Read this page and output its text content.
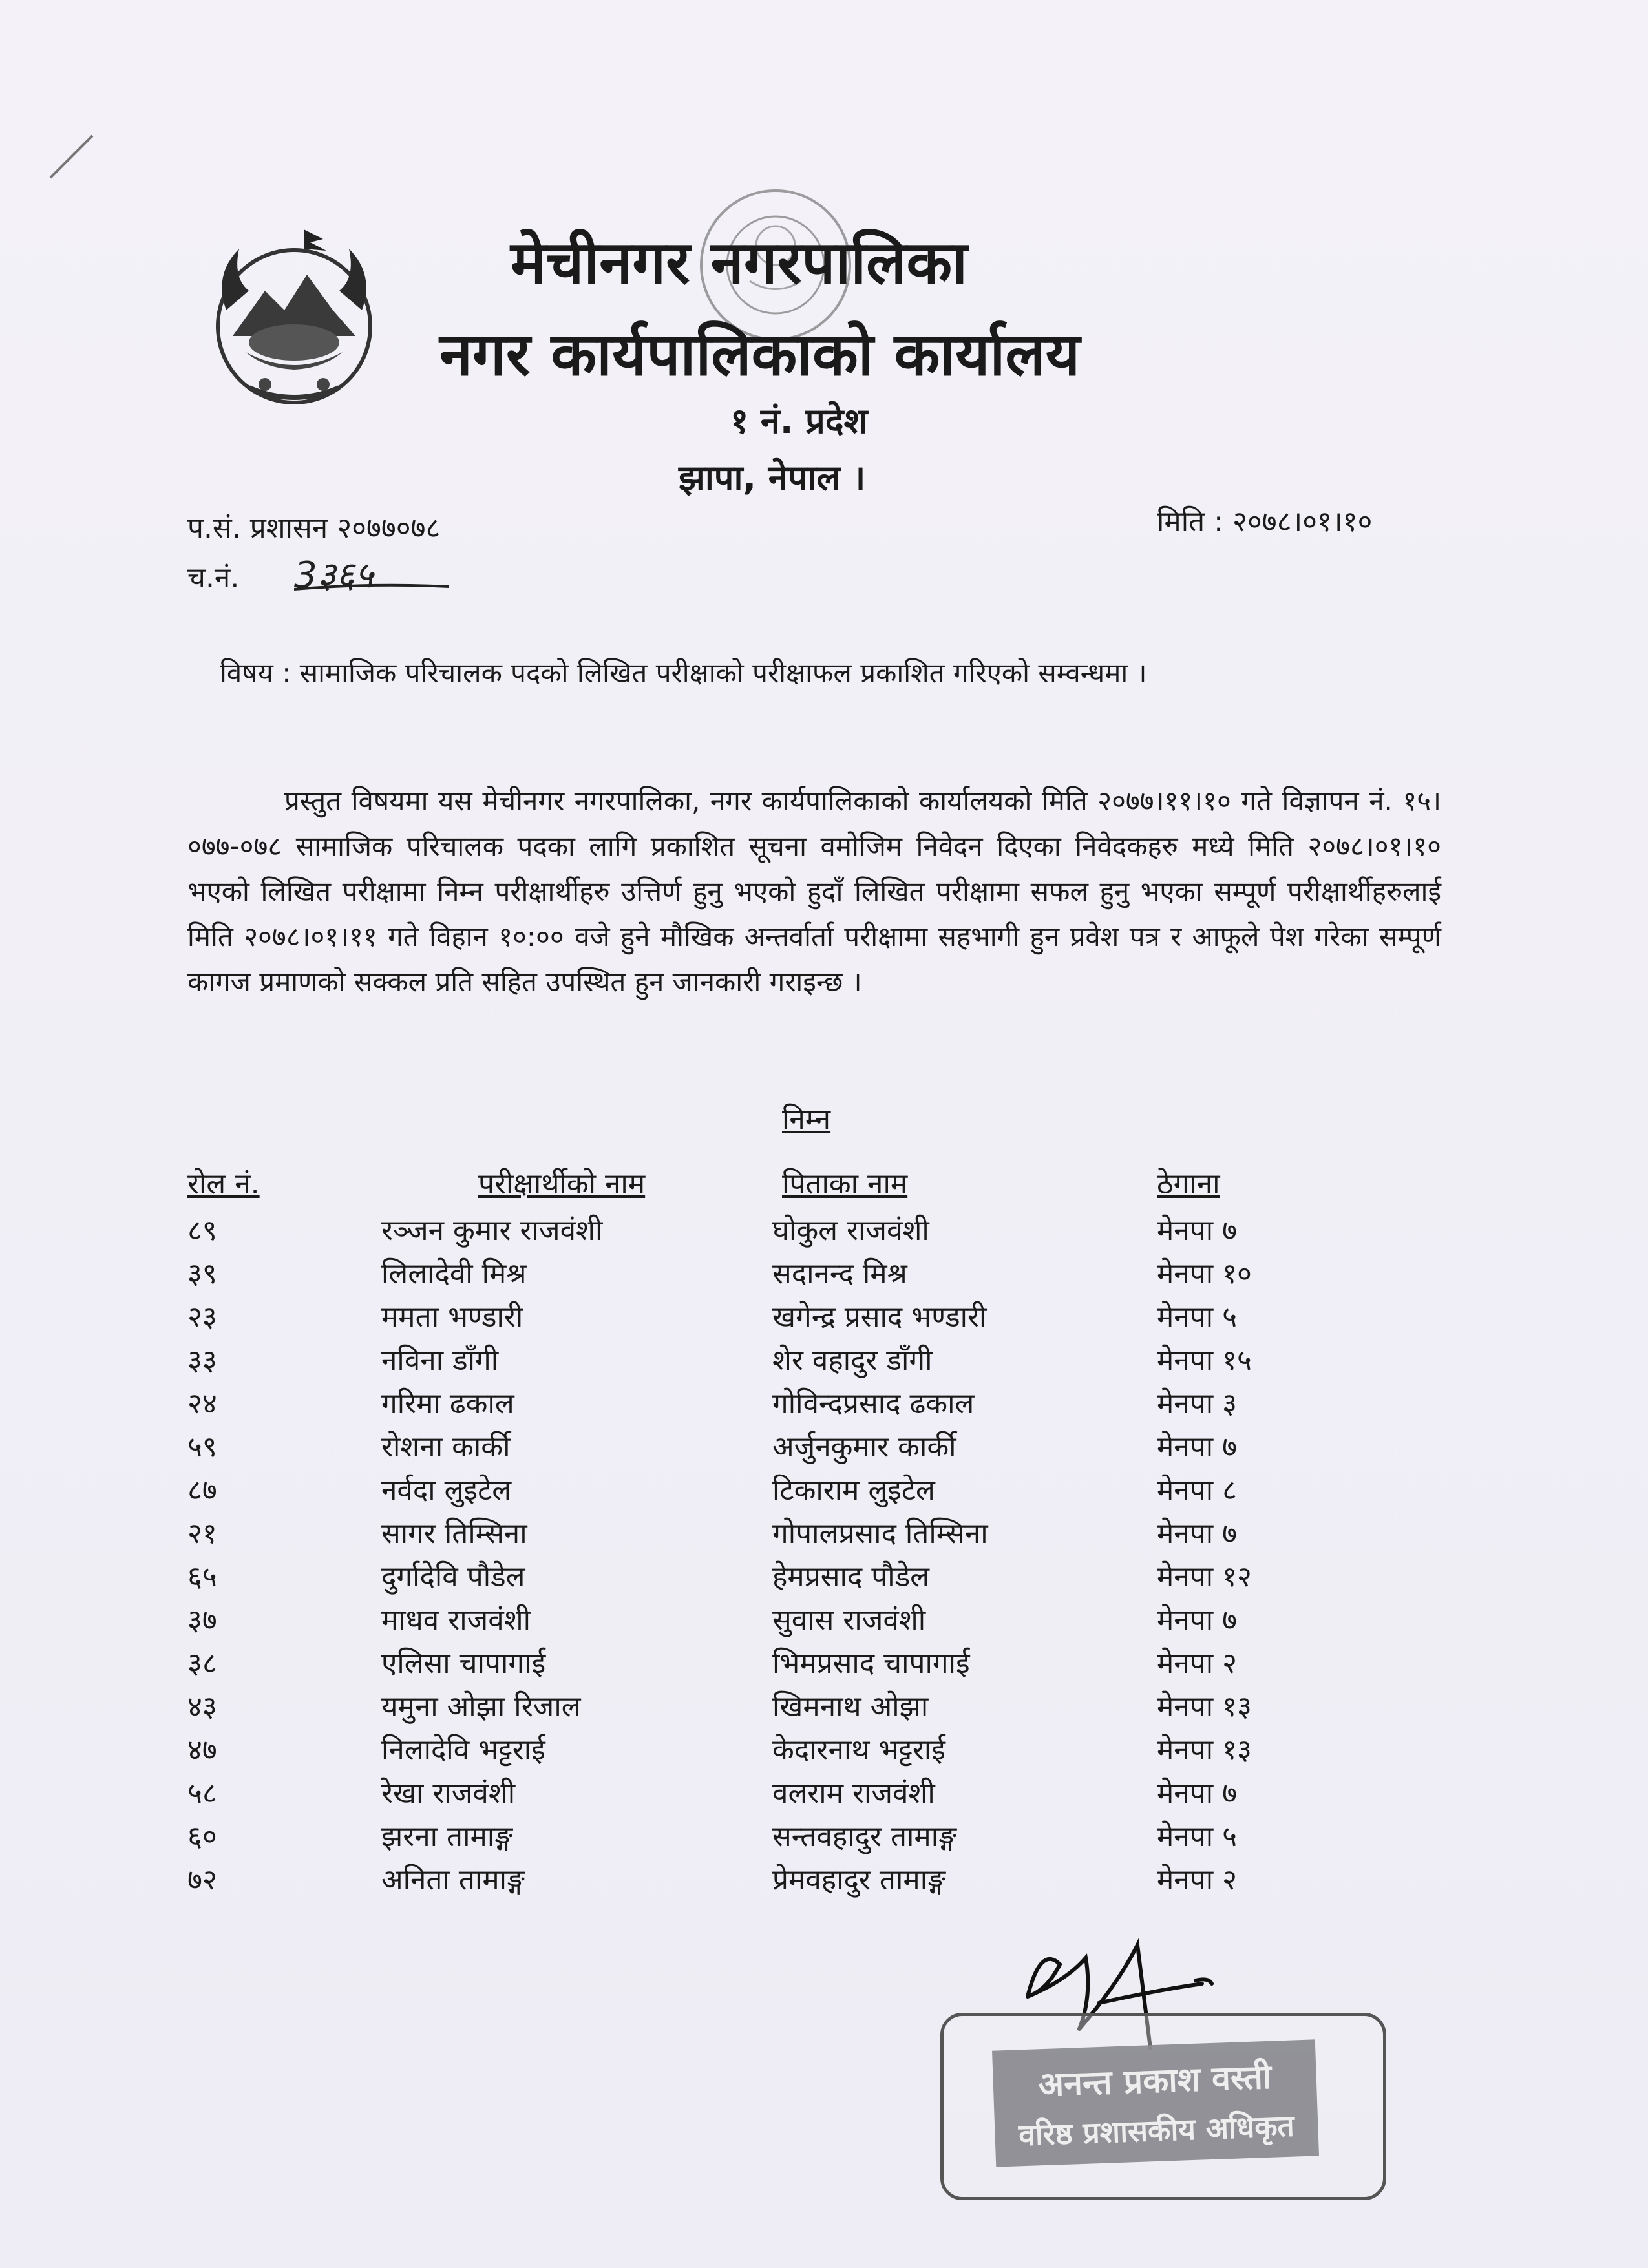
मेचीनगर नगरपालिका
नगर कार्यपालिकाको कार्यालय
१ नं. प्रदेश
झापा, नेपाल ।
प.सं. प्रशासन २०७७०७८	मिति : २०७८।०१।१०
च.नं. 3३६५
विषय : सामाजिक परिचालक पदको लिखित परीक्षाको परीक्षाफल प्रकाशित गरिएको सम्वन्धमा ।
प्रस्तुत विषयमा यस मेचीनगर नगरपालिका, नगर कार्यपालिकाको कार्यालयको मिति २०७७।११।१० गते विज्ञापन नं. १५।०७७-०७८ सामाजिक परिचालक पदका लागि प्रकाशित सूचना वमोजिम निवेदन दिएका निवेदकहरु मध्ये मिति २०७८।०१।१० भएको लिखित परीक्षामा निम्न परीक्षार्थीहरु उत्तिर्ण हुनु भएको हुदाँ लिखित परीक्षामा सफल हुनु भएका सम्पूर्ण परीक्षार्थीहरुलाई मिति २०७८।०१।११ गते विहान १०:०० वजे हुने मौखिक अन्तर्वार्ता परीक्षामा सहभागी हुन प्रवेश पत्र र आफूले पेश गरेका सम्पूर्ण कागज प्रमाणको सक्कल प्रति सहित उपस्थित हुन जानकारी गराइन्छ ।
निम्न
रोल नं.	परीक्षार्थीको नाम	पिताका नाम	ठेगाना
८९	रञ्जन कुमार राजवंशी	घोकुल राजवंशी	मेनपा ७
३९	लिलादेवी मिश्र	सदानन्द मिश्र	मेनपा १०
२३	ममता भण्डारी	खगेन्द्र प्रसाद भण्डारी	मेनपा ५
३३	नविना डाँगी	शेर वहादुर डाँगी	मेनपा १५
२४	गरिमा ढकाल	गोविन्दप्रसाद ढकाल	मेनपा ३
५९	रोशना कार्की	अर्जुनकुमार कार्की	मेनपा ७
८७	नर्वदा लुइटेल	टिकाराम लुइटेल	मेनपा ८
२१	सागर तिम्सिना	गोपालप्रसाद तिम्सिना	मेनपा ७
६५	दुर्गादेवि पौडेल	हेमप्रसाद पौडेल	मेनपा १२
३७	माधव राजवंशी	सुवास राजवंशी	मेनपा ७
३८	एलिसा चापागाई	भिमप्रसाद चापागाई	मेनपा २
४३	यमुना ओझा रिजाल	खिमनाथ ओझा	मेनपा १३
४७	निलादेवि भट्टराई	केदारनाथ भट्टराई	मेनपा १३
५८	रेखा राजवंशी	वलराम राजवंशी	मेनपा ७
६०	झरना तामाङ्ग	सन्तवहादुर तामाङ्ग	मेनपा ५
७२	अनिता तामाङ्ग	प्रेमवहादुर तामाङ्ग	मेनपा २
अनन्त प्रकाश वस्ती
वरिष्ठ प्रशासकीय अधिकृत
